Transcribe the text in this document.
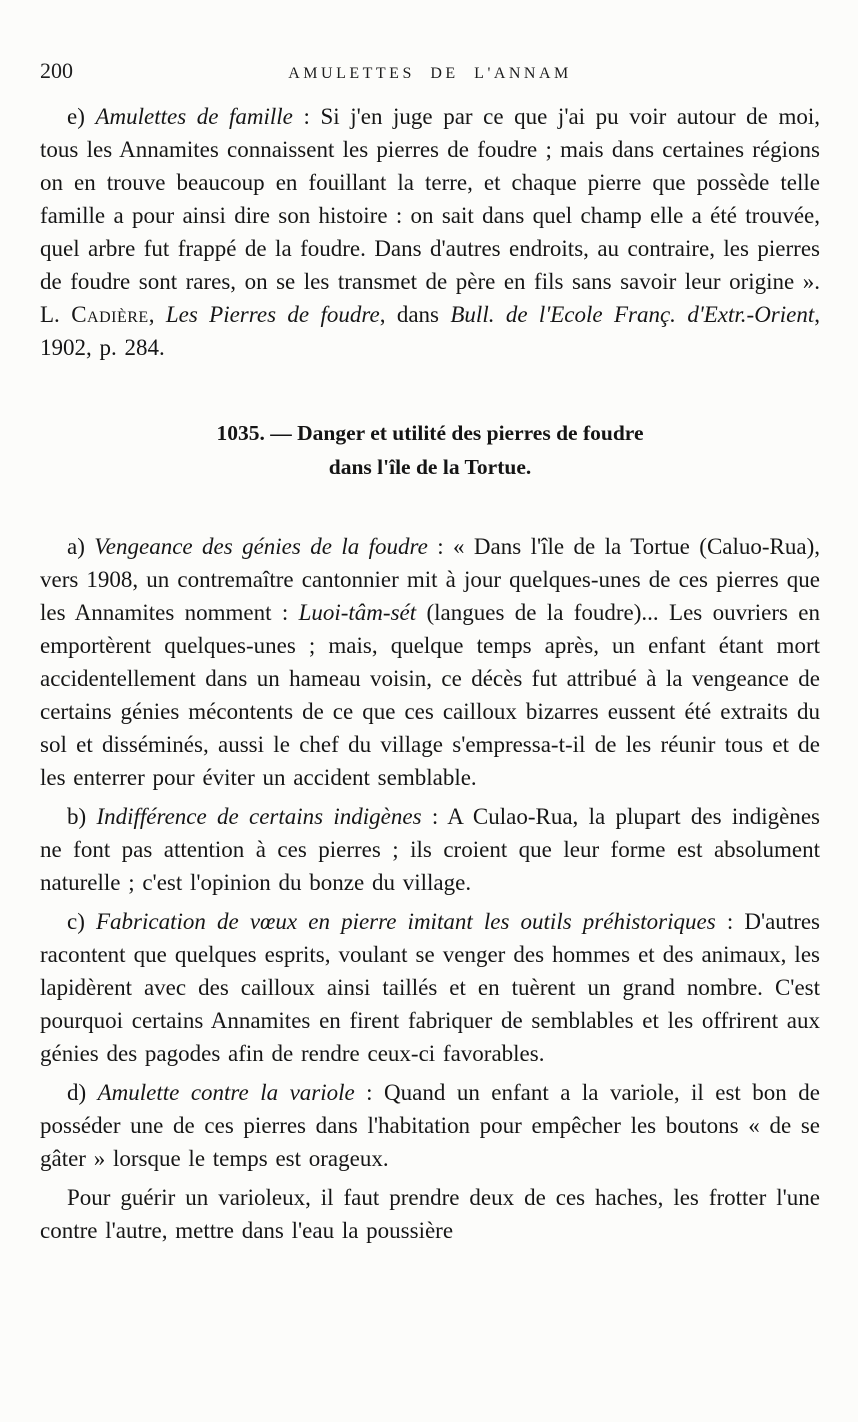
200	AMULETTES DE L'ANNAM

e) Amulettes de famille : Si j'en juge par ce que j'ai pu voir autour de moi, tous les Annamites connaissent les pierres de foudre ; mais dans certaines régions on en trouve beaucoup en fouillant la terre, et chaque pierre que possède telle famille a pour ainsi dire son histoire : on sait dans quel champ elle a été trouvée, quel arbre fut frappé de la foudre. Dans d'autres endroits, au contraire, les pierres de foudre sont rares, on se les transmet de père en fils sans savoir leur origine ». L. Cadière, Les Pierres de foudre, dans Bull. de l'Ecole Franç. d'Extr.-Orient, 1902, p. 284.

1035. — Danger et utilité des pierres de foudre
dans l'île de la Tortue.

a) Vengeance des génies de la foudre : « Dans l'île de la Tortue (Caluo-Rua), vers 1908, un contremaître cantonnier mit à jour quelques-unes de ces pierres que les Annamites nomment : Luoi-tâm-sét (langues de la foudre)... Les ouvriers en emportèrent quelques-unes ; mais, quelque temps après, un enfant étant mort accidentellement dans un hameau voisin, ce décès fut attribué à la vengeance de certains génies mécontents de ce que ces cailloux bizarres eussent été extraits du sol et disséminés, aussi le chef du village s'empressa-t-il de les réunir tous et de les enterrer pour éviter un accident semblable.

b) Indifférence de certains indigènes : A Culao-Rua, la plupart des indigènes ne font pas attention à ces pierres ; ils croient que leur forme est absolument naturelle ; c'est l'opinion du bonze du village.

c) Fabrication de vœux en pierre imitant les outils préhistoriques : D'autres racontent que quelques esprits, voulant se venger des hommes et des animaux, les lapidèrent avec des cailloux ainsi taillés et en tuèrent un grand nombre. C'est pourquoi certains Annamites en firent fabriquer de semblables et les offrirent aux génies des pagodes afin de rendre ceux-ci favorables.

d) Amulette contre la variole : Quand un enfant a la variole, il est bon de posséder une de ces pierres dans l'habitation pour empêcher les boutons « de se gâter » lorsque le temps est orageux.

Pour guérir un varioleux, il faut prendre deux de ces haches, les frotter l'une contre l'autre, mettre dans l'eau la poussière
